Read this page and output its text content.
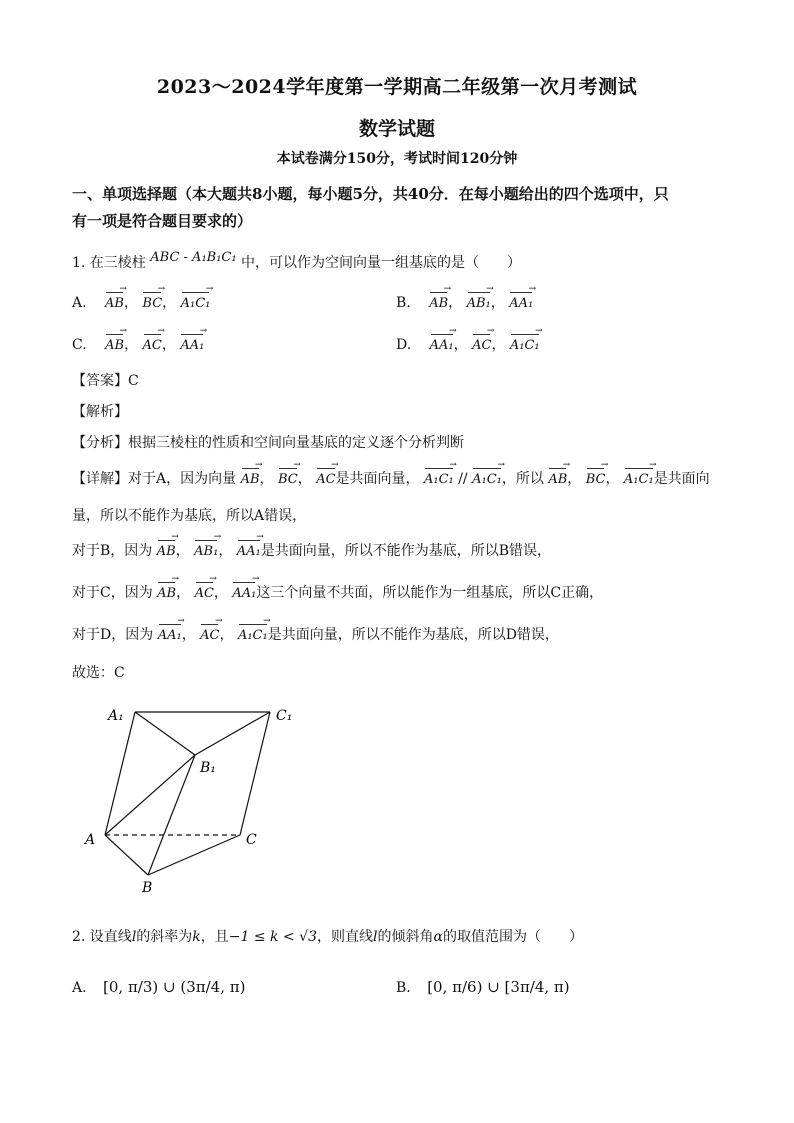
2023～2024学年度第一学期高二年级第一次月考测试
数学试题
本试卷满分150分，考试时间120分钟
一、单项选择题（本大题共8小题，每小题5分，共40分．在每小题给出的四个选项中，只
有一项是符合题目要求的）
1. 在三棱柱 ABC - A₁B₁C₁ 中，可以作为空间向量一组基底的是（　　）
A. AB →， BC →， A₁C₁ →	B. AB →， AB₁ →， AA₁ →
C. AB →， AC →， AA₁ →	D. AA₁ →， AC →， A₁C₁ →
【答案】C
【解析】
【分析】根据三棱柱的性质和空间向量基底的定义逐个分析判断
【详解】对于A，因为向量 AB →， BC →， AC →是共面向量， A₁C₁ → // A₁C₁ →，所以 AB →， BC →， A₁C₁ →是共面向
量，所以不能作为基底，所以A错误，
对于B，因为 AB →， AB₁ →， AA₁ →是共面向量，所以不能作为基底，所以B错误，
对于C，因为 AB →， AC →， AA₁ →这三个向量不共面，所以能作为一组基底，所以C正确，
对于D，因为 AA₁ →， AC →， A₁C₁ →是共面向量，所以不能作为基底，所以D错误，
故选：C
A₁	C₁
B₁
A	C
B
2. 设直线l的斜率为k，且−1 ≤ k < √3，则直线l的倾斜角α的取值范围为（　　）
A. [0, π/3) ∪ (3π/4, π)	B. [0, π/6) ∪ [3π/4, π)
